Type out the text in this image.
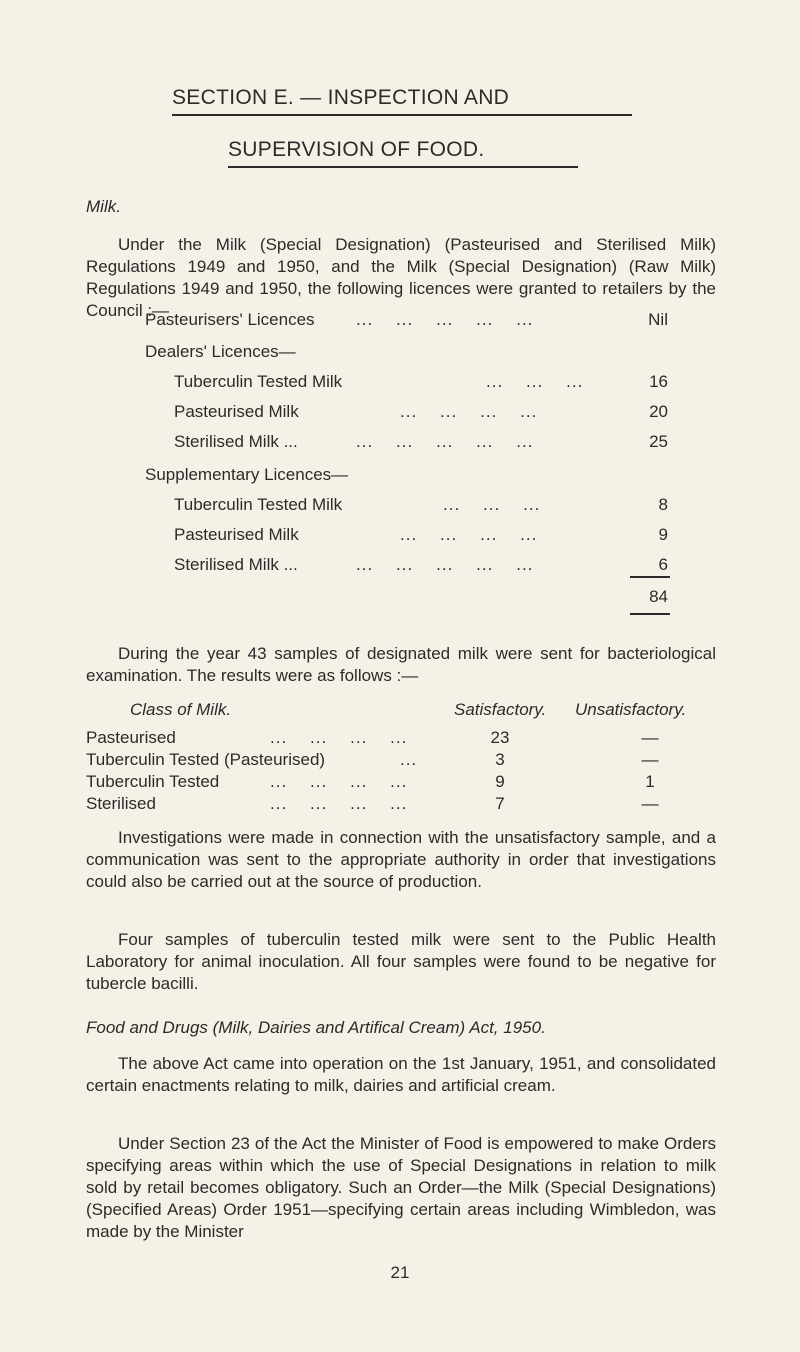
SECTION E. — INSPECTION AND
SUPERVISION OF FOOD.
Milk.
Under the Milk (Special Designation) (Pasteurised and Sterilised Milk) Regulations 1949 and 1950, and the Milk (Special Designation) (Raw Milk) Regulations 1949 and 1950, the following licences were granted to retailers by the Council :—
Pasteurisers' Licences ...    ...    ...    ...    ...	Nil
Dealers' Licences—
Tuberculin Tested Milk	...    ...    ...	16
Pasteurised Milk	...    ...    ...    ...	20
Sterilised Milk ...	...    ...    ...    ...    ...	25
Supplementary Licences—
Tuberculin Tested Milk	...    ...    ...	8
Pasteurised Milk	...    ...    ...    ...	9
Sterilised Milk ...	...    ...    ...    ...    ...	6
84
During the year 43 samples of designated milk were sent for bacteriological examination. The results were as follows :—
Class of Milk.	Satisfactory. Unsatisfactory.
Pasteurised	...    ...    ...    ...	23	—
Tuberculin Tested (Pasteurised)	...	3	—
Tuberculin Tested	...    ...    ...    ...	9	1
Sterilised	...    ...    ...    ...	7	—
Investigations were made in connection with the unsatisfactory sample, and a communication was sent to the appropriate authority in order that investigations could also be carried out at the source of production.
Four samples of tuberculin tested milk were sent to the Public Health Laboratory for animal inoculation. All four samples were found to be negative for tubercle bacilli.
Food and Drugs (Milk, Dairies and Artifical Cream) Act, 1950.
The above Act came into operation on the 1st January, 1951, and consolidated certain enactments relating to milk, dairies and artificial cream.
Under Section 23 of the Act the Minister of Food is empowered to make Orders specifying areas within which the use of Special Designations in relation to milk sold by retail becomes obligatory. Such an Order—the Milk (Special Designations) (Specified Areas) Order 1951—specifying certain areas including Wimbledon, was made by the Minister
21
